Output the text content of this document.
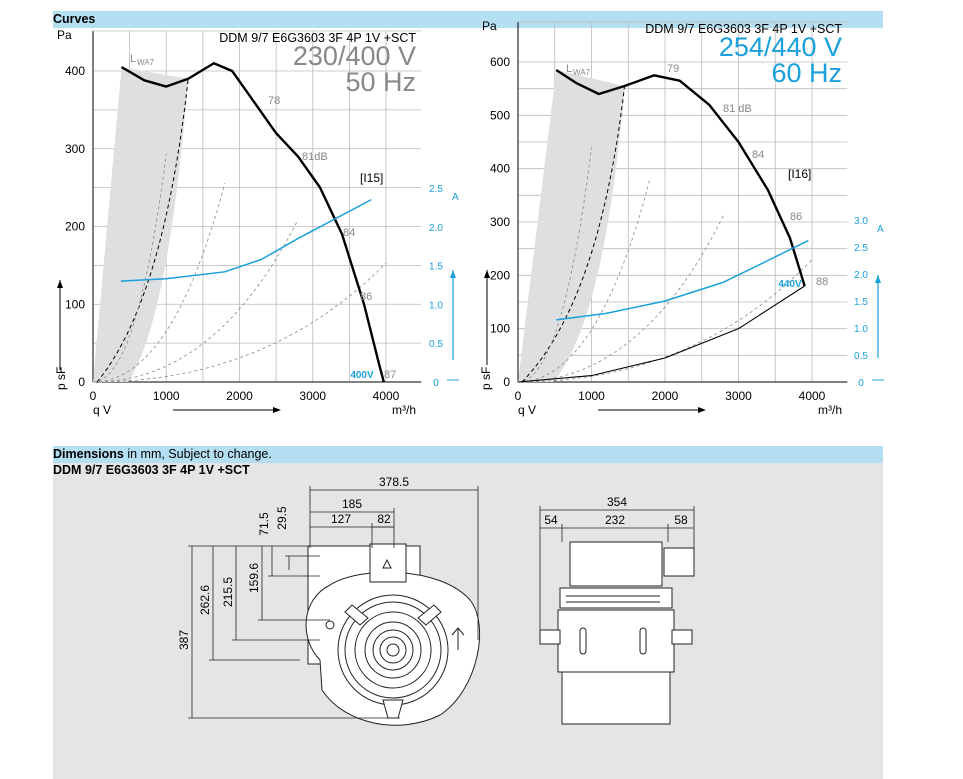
Curves
0	1000	2000	3000	4000
0
100
200
300
400
DDM 9/7 E6G3603 3F 4P 1V +SCT
230/400 V
50 Hz
[I15]
Pa
p sF
q V	m³/h
0
0.5
1.0
1.5
2.0
2.5
A
78
81dB
84
86
87
L WA7
400V
0	1000	2000	3000	4000
0
100
200
300
400
500
600
DDM 9/7 E6G3603 3F 4P 1V +SCT
254/440 V
60 Hz
[I16]
Pa
p sF
q V	m³/h
0
0.5
1.0
1.5
2.0
2.5
3.0
A
79
81 dB
84
86
88
L WA7
440V
Dimensions in mm, Subject to change.
DDM 9/7 E6G3603 3F 4P 1V +SCT
378.5
185
127 82
387
262.6 215.5 159.6
71.5 29.5
354
54	232	58
